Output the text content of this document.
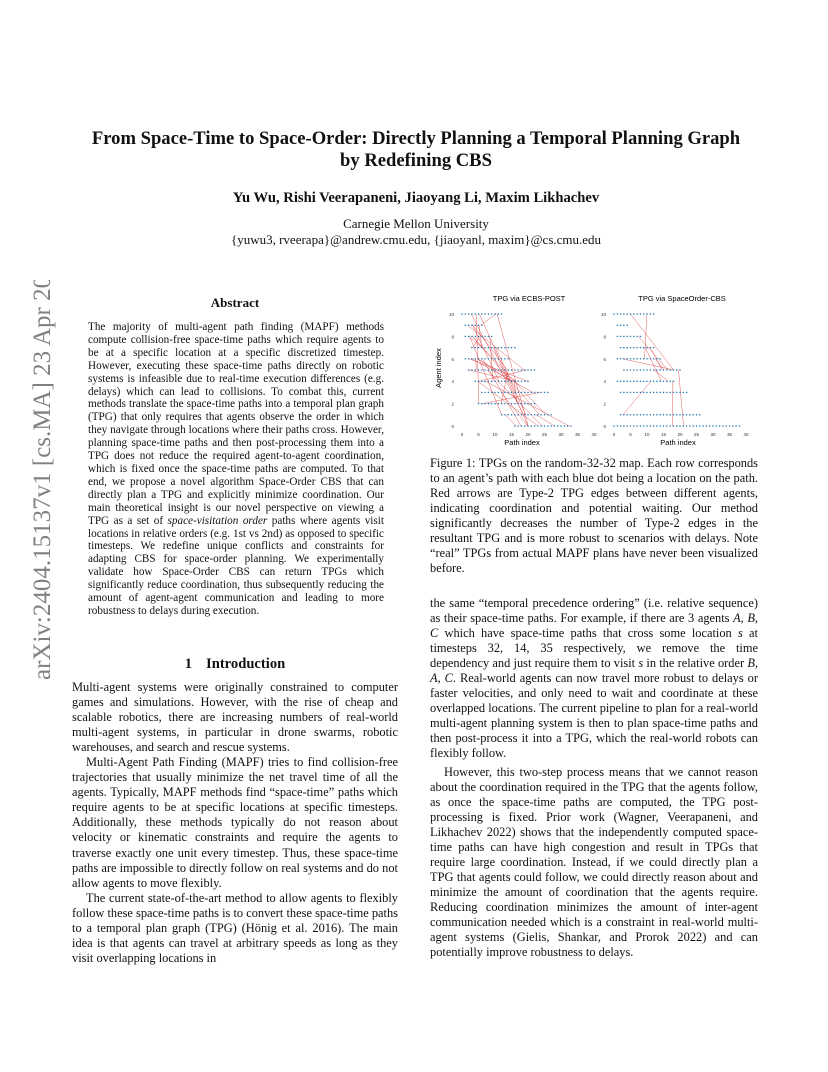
arXiv:2404.15137v1 [cs.MA] 23 Apr 2024
From Space-Time to Space-Order: Directly Planning a Temporal Planning Graph
by Redefining CBS
Yu Wu, Rishi Veerapaneni, Jiaoyang Li, Maxim Likhachev
Carnegie Mellon University
{yuwu3, rveerapa}@andrew.cmu.edu, {jiaoyanl, maxim}@cs.cmu.edu
Abstract
The majority of multi-agent path finding (MAPF) methods compute collision-free space-time paths which require agents to be at a specific location at a specific discretized timestep. However, executing these space-time paths directly on robotic systems is infeasible due to real-time execution differences (e.g. delays) which can lead to collisions. To combat this, current methods translate the space-time paths into a temporal plan graph (TPG) that only requires that agents observe the order in which they navigate through locations where their paths cross. However, planning space-time paths and then post-processing them into a TPG does not reduce the required agent-to-agent coordination, which is fixed once the space-time paths are computed. To that end, we propose a novel algorithm Space-Order CBS that can directly plan a TPG and explicitly minimize coordination. Our main theoretical insight is our novel perspective on viewing a TPG as a set of space-visitation order paths where agents visit locations in relative orders (e.g. 1st vs 2nd) as opposed to specific timesteps. We redefine unique conflicts and constraints for adapting CBS for space-order planning. We experimentally validate how Space-Order CBS can return TPGs which significantly reduce coordination, thus subsequently reducing the amount of agent-agent communication and leading to more robustness to delays during execution.
1 Introduction

Multi-agent systems were originally constrained to computer games and simulations. However, with the rise of cheap and scalable robotics, there are increasing numbers of real-world multi-agent systems, in particular in drone swarms, robotic warehouses, and search and rescue systems.

Multi-Agent Path Finding (MAPF) tries to find collision-free trajectories that usually minimize the net travel time of all the agents. Typically, MAPF methods find “space-time” paths which require agents to be at specific locations at specific timesteps. Additionally, these methods typically do not reason about velocity or kinematic constraints and require the agents to traverse exactly one unit every timestep. Thus, these space-time paths are impossible to directly follow on real systems and do not allow agents to move flexibly.

The current state-of-the-art method to allow agents to flexibly follow these space-time paths is to convert these space-time paths to a temporal plan graph (TPG) (Hönig et al. 2016). The main idea is that agents can travel at arbitrary speeds as long as they visit overlapping locations in

TPG via ECBS-POST	TPG via SpaceOrder-CBS
Agent index
Path index	Path index
0
2
4
6
8
10
0	5	10	15	20	25	30	35	40
0
2
4
6
8
10
0	5	10	15	20	25	30	35	40
Figure 1: TPGs on the random-32-32 map. Each row corresponds to an agent’s path with each blue dot being a location on the path. Red arrows are Type-2 TPG edges between different agents, indicating coordination and potential waiting. Our method significantly decreases the number of Type-2 edges in the resultant TPG and is more robust to scenarios with delays. Note “real” TPGs from actual MAPF plans have never been visualized before.

the same “temporal precedence ordering” (i.e. relative sequence) as their space-time paths. For example, if there are 3 agents A, B, C which have space-time paths that cross some location s at timesteps 32, 14, 35 respectively, we remove the time dependency and just require them to visit s in the relative order B, A, C. Real-world agents can now travel more robust to delays or faster velocities, and only need to wait and coordinate at these overlapped locations. The current pipeline to plan for a real-world multi-agent planning system is then to plan space-time paths and then post-process it into a TPG, which the real-world robots can flexibly follow.

However, this two-step process means that we cannot reason about the coordination required in the TPG that the agents follow, as once the space-time paths are computed, the TPG post-processing is fixed. Prior work (Wagner, Veerapaneni, and Likhachev 2022) shows that the independently computed space-time paths can have high congestion and result in TPGs that require large coordination. Instead, if we could directly plan a TPG that agents could follow, we could directly reason about and minimize the amount of coordination that the agents require. Reducing coordination minimizes the amount of inter-agent communication needed which is a constraint in real-world multi-agent systems (Gielis, Shankar, and Prorok 2022) and can potentially improve robustness to delays.
